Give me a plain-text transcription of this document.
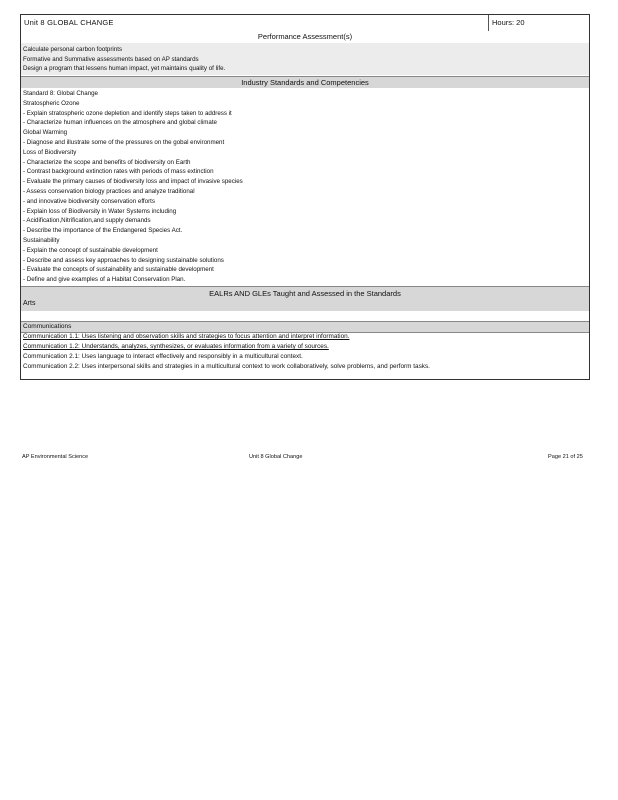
Unit 8 GLOBAL CHANGE	Hours: 20
Performance Assessment(s)
Calculate personal carbon footprints
Formative and Summative assessments based on AP standards
Design a program that lessens human impact, yet maintains quality of life.
Industry Standards and Competencies
Standard 8: Global Change
Stratospheric Ozone
- Explain stratospheric ozone depletion and identify steps taken to address it
- Characterize human influences on the atmosphere and global climate
Global Warming
- Diagnose and illustrate some of the pressures on the gobal environment
Loss of Biodiversity
- Characterize the scope and benefits of biodiversity on Earth
- Contrast background extinction rates with periods of mass extinction
- Evaluate the primary causes of biodiversity loss and impact of invasive species
- Assess conservation biology practices and analyze traditional
- and innovative biodiversity conservation efforts
- Explain loss of Biodiversity in Water Systems including
- Acidification,Nitrification,and supply demands
- Describe the importance of the Endangered Species Act.
Sustainability
- Explain the concept of sustainable development
- Describe and assess key approaches to designing sustainable solutions
- Evaluate the concepts of sustainability and sustainable development
- Define and give examples of a Habitat Conservation Plan.
EALRs AND GLEs Taught and Assessed in the Standards
Arts
Communications
Communication 1.1: Uses listening and observation skills and strategies to focus attention and interpret information.
Communication 1.2: Understands, analyzes, synthesizes, or evaluates information from a variety of sources.
Communication 2.1: Uses language to interact effectively and responsibly in a multicultural context.
Communication 2.2: Uses interpersonal skills and strategies in a multicultural context to work collaboratively, solve problems, and perform tasks.
AP Environmental Science	Unit 8 Global Change	Page 21 of 25
